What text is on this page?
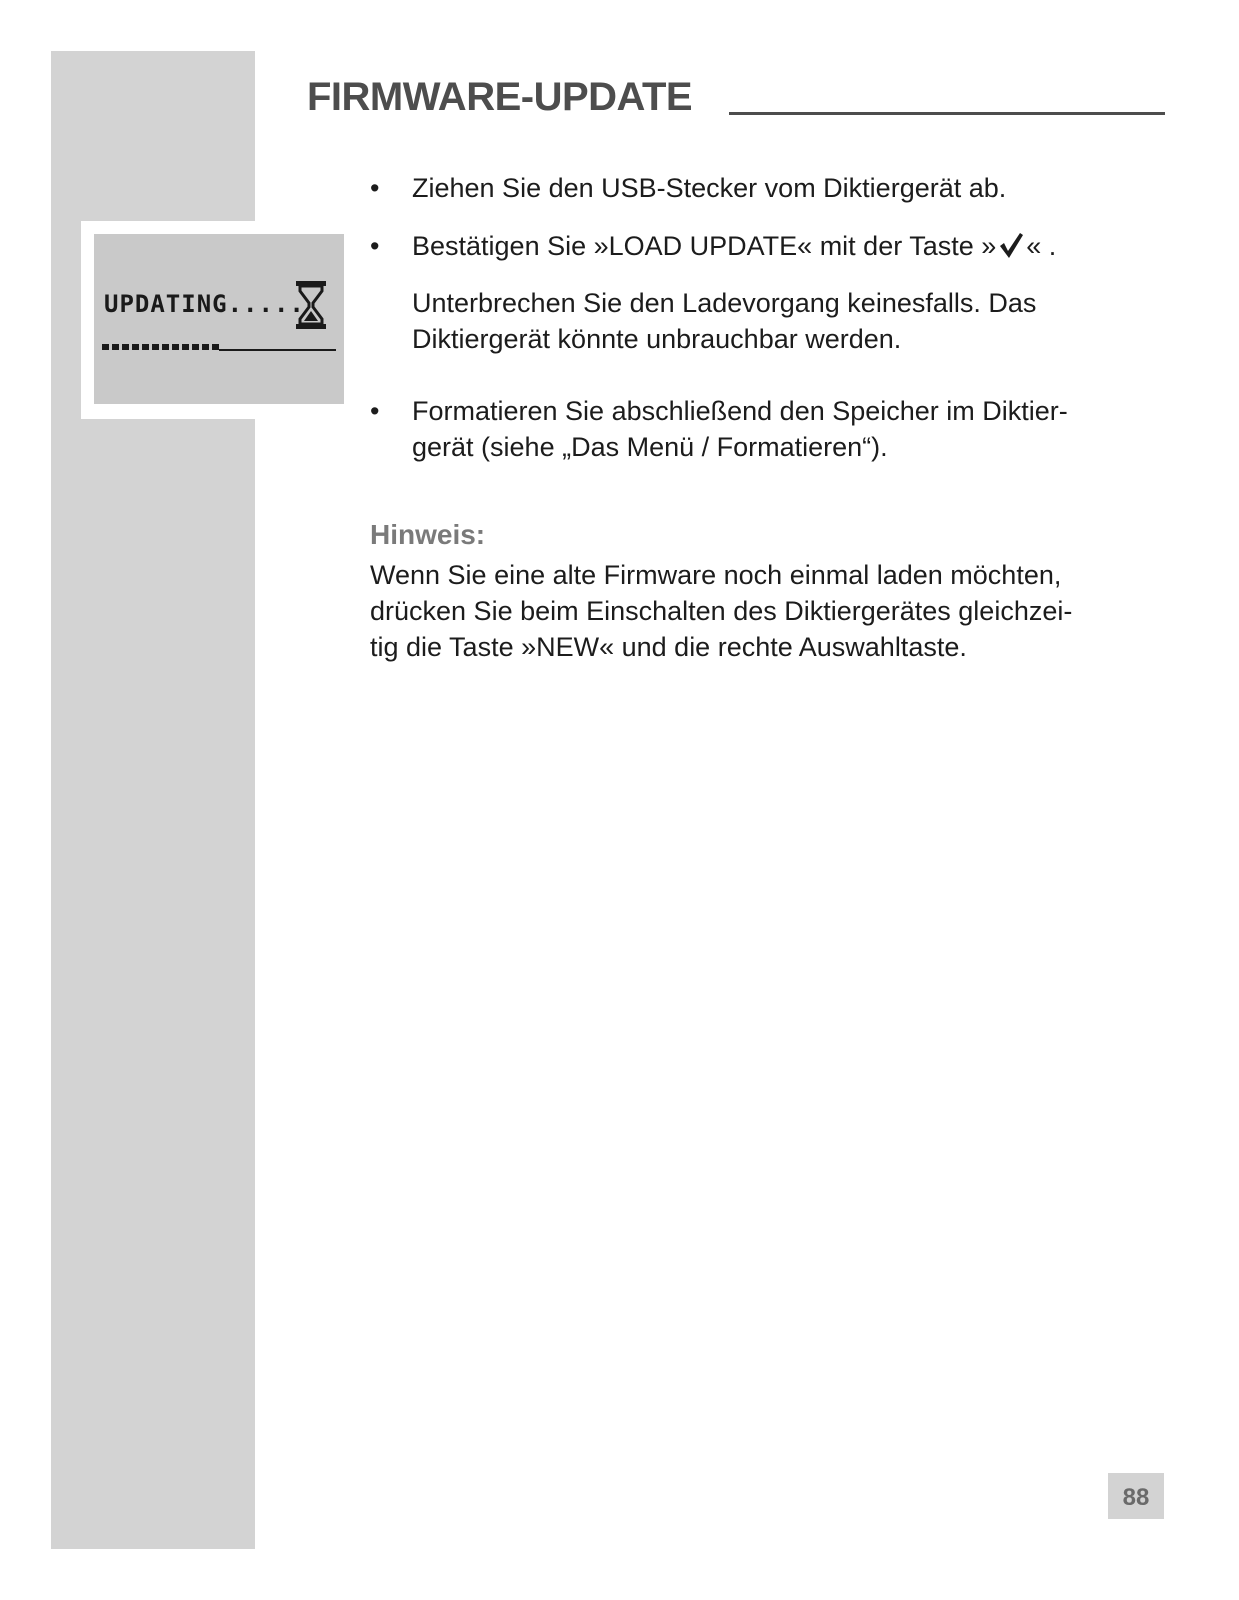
UPDATING.....
FIRMWARE-UPDATE
•	Ziehen Sie den USB-Stecker vom Diktiergerät ab.
•	Bestätigen Sie »LOAD UPDATE« mit der Taste » « .
Unterbrechen Sie den Ladevorgang keinesfalls. Das
Diktiergerät könnte unbrauchbar werden.
•	Formatieren Sie abschließend den Speicher im Diktier-
gerät (siehe „Das Menü / Formatieren“).
Hinweis:
Wenn Sie eine alte Firmware noch einmal laden möchten,
drücken Sie beim Einschalten des Diktiergerätes gleichzei-
tig die Taste »NEW« und die rechte Auswahltaste.
88
